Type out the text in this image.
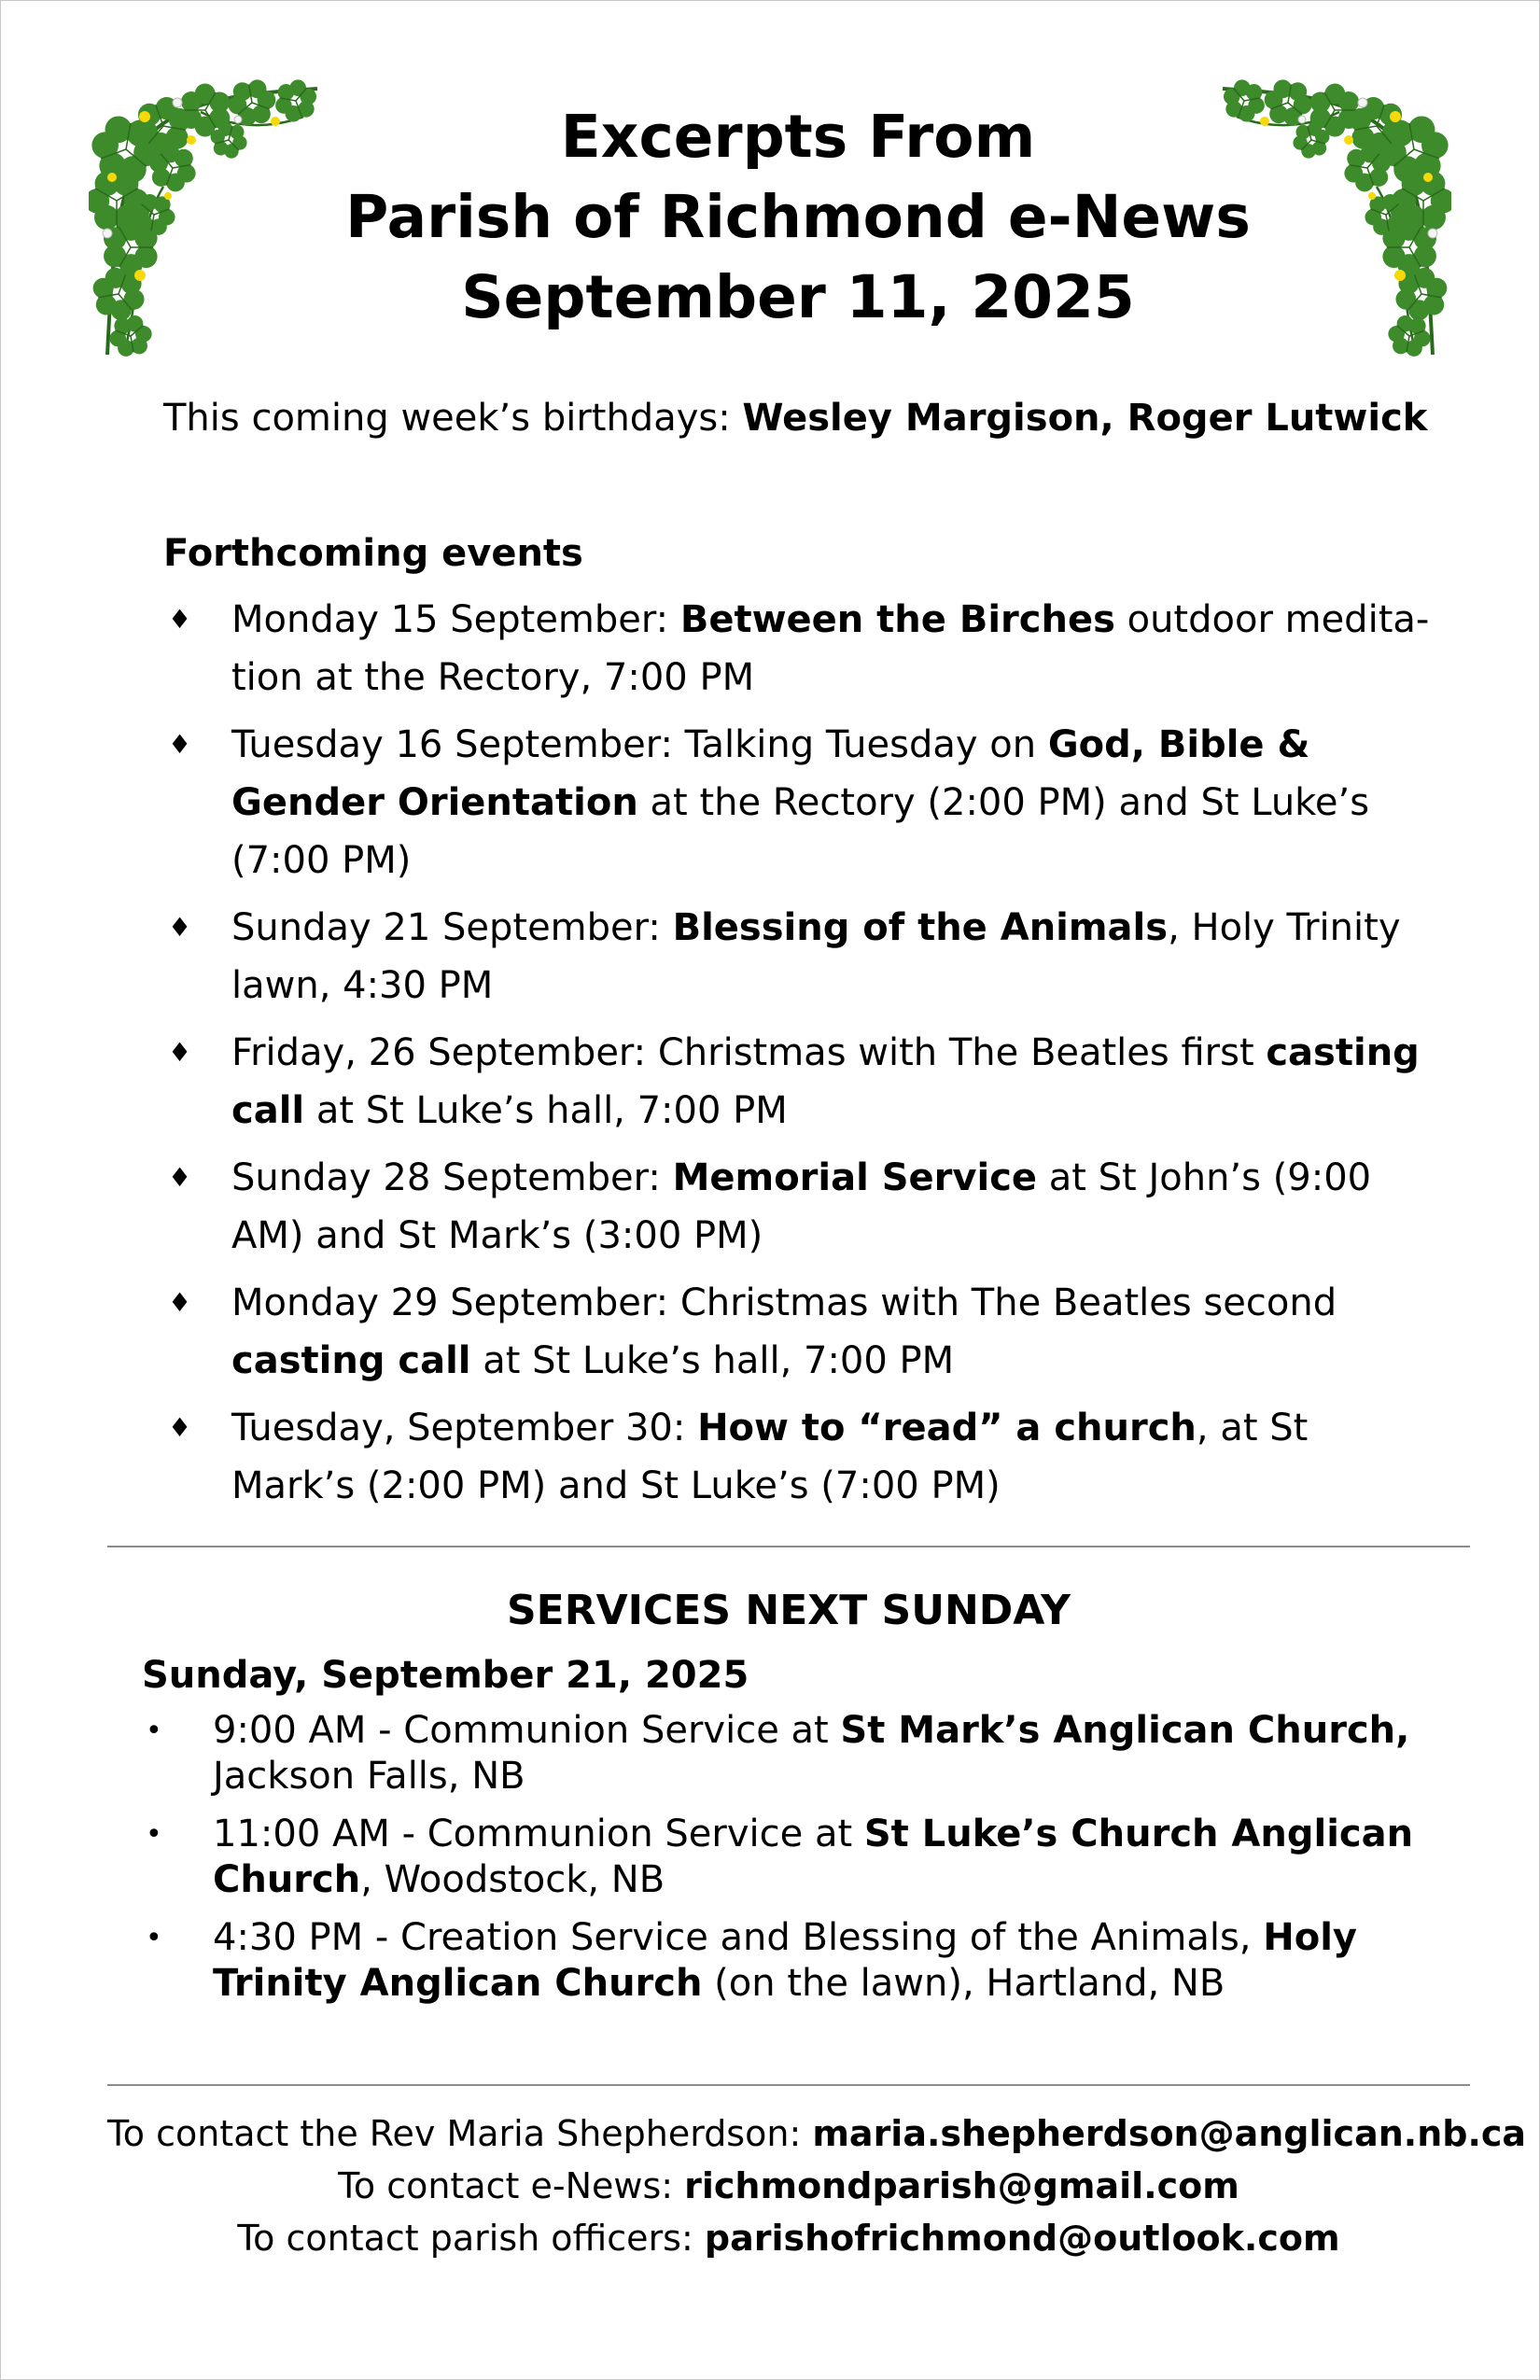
Excerpts From
Parish of Richmond e-News
September 11, 2025
This coming week’s birthdays: Wesley Margison, Roger Lutwick
Forthcoming events
♦ Monday 15 September: Between the Birches outdoor medita-tion at the Rectory, 7:00 PM
♦ Tuesday 16 September: Talking Tuesday on God, Bible & Gender Orientation at the Rectory (2:00 PM) and St Luke’s (7:00 PM)
♦ Sunday 21 September: Blessing of the Animals, Holy Trinity lawn, 4:30 PM
♦ Friday, 26 September: Christmas with The Beatles first casting call at St Luke’s hall, 7:00 PM
♦ Sunday 28 September: Memorial Service at St John’s (9:00 AM) and St Mark’s (3:00 PM)
♦ Monday 29 September: Christmas with The Beatles second casting call at St Luke’s hall, 7:00 PM
♦ Tuesday, September 30: How to “read” a church, at St Mark’s (2:00 PM) and St Luke’s (7:00 PM)
SERVICES NEXT SUNDAY
Sunday, September 21, 2025
• 9:00 AM - Communion Service at St Mark’s Anglican Church, Jackson Falls, NB
• 11:00 AM - Communion Service at St Luke’s Church Anglican Church, Woodstock, NB
• 4:30 PM - Creation Service and Blessing of the Animals, Holy Trinity Anglican Church (on the lawn), Hartland, NB
To contact the Rev Maria Shepherdson: maria.shepherdson@anglican.nb.ca
To contact e-News: richmondparish@gmail.com
To contact parish officers: parishofrichmond@outlook.com
